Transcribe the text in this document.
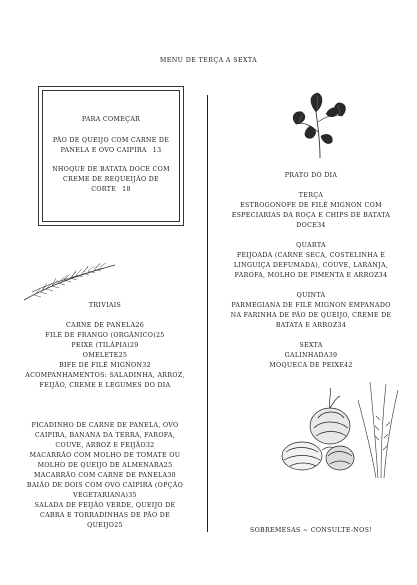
MENU DE TERÇA A SEXTA
PARA COMEÇAR
PÃO DE QUEIJO COM CARNE DE PANELA E OVO CAIPIRA 13
NHOQUE DE BATATA DOCE COM CREME DE REQUEIJÃO DE CORTE 18
TRIVIAIS
CARNE DE PANELA26
FILÉ DE FRANGO (ORGÂNICO)25
PEIXE (TILÁPIA)29
OMELETE25
BIFE DE FILÉ MIGNON32
ACOMPANHAMENTOS: SALADINHA, ARROZ, FEIJÃO, CREME E LEGUMES DO DIA
PICADINHO DE CARNE DE PANELA, OVO CAIPIRA, BANANA DA TERRA, FAROFA, COUVE, ARROZ E FEIJÃO32
MACARRÃO COM MOLHO DE TOMATE OU MOLHO DE QUEIJO DE ALMENARA25
MACARRÃO COM CARNE DE PANELA30
BAIÃO DE DOIS COM OVO CAIPIRA (OPÇÃO VEGETARIANA)35
SALADA DE FEIJÃO VERDE, QUEIJO DE CABRA E TORRADINHAS DE PÃO DE QUEIJO25
PRATO DO DIA
TERÇA
ESTROGONOFE DE FILÉ MIGNON COM ESPECIARIAS DA ROÇA E CHIPS DE BATATA DOCE34
QUARTA
FEIJOADA (CARNE SECA, COSTELINHA E LINGUIÇA DEFUMADA), COUVE, LARANJA, FAROFA, MOLHO DE PIMENTA E ARROZ34
QUINTA
PARMEGIANA DE FILÉ MIGNON EMPANADO NA FARINHA DE PÃO DE QUEIJO, CREME DE BATATA E ARROZ34
SEXTA
GALINHADA39
MOQUECA DE PEIXE42
SOBREMESAS ~ CONSULTE-NOS!
